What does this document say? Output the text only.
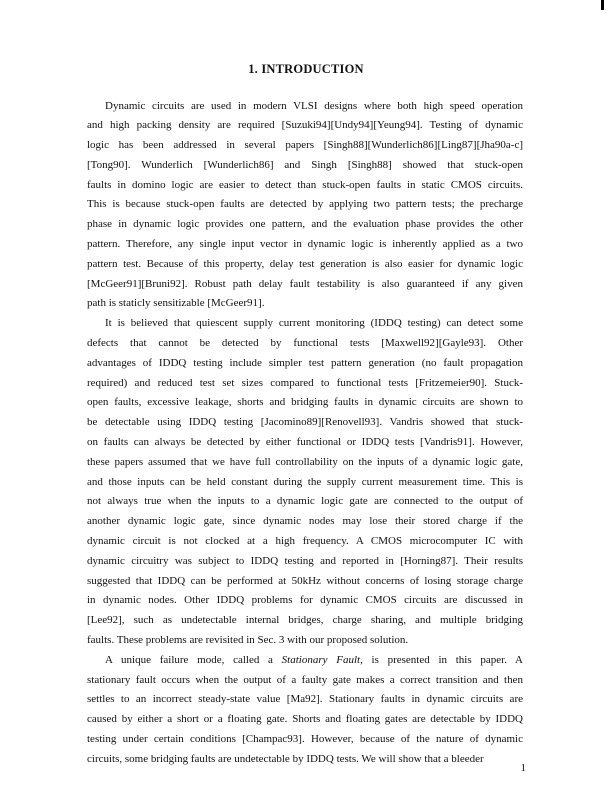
1. INTRODUCTION
Dynamic circuits are used in modern VLSI designs where both high speed operation
and high packing density are required [Suzuki94][Undy94][Yeung94]. Testing of dynamic
logic has been addressed in several papers [Singh88][Wunderlich86][Ling87][Jha90a-c]
[Tong90]. Wunderlich [Wunderlich86] and Singh [Singh88] showed that stuck-open
faults in domino logic are easier to detect than stuck-open faults in static CMOS circuits.
This is because stuck-open faults are detected by applying two pattern tests; the precharge
phase in dynamic logic provides one pattern, and the evaluation phase provides the other
pattern. Therefore, any single input vector in dynamic logic is inherently applied as a two
pattern test. Because of this property, delay test generation is also easier for dynamic logic
[McGeer91][Bruni92]. Robust path delay fault testability is also guaranteed if any given
path is staticly sensitizable [McGeer91].
It is believed that quiescent supply current monitoring (IDDQ testing) can detect some
defects that cannot be detected by functional tests [Maxwell92][Gayle93]. Other
advantages of IDDQ testing include simpler test pattern generation (no fault propagation
required) and reduced test set sizes compared to functional tests [Fritzemeier90]. Stuck-
open faults, excessive leakage, shorts and bridging faults in dynamic circuits are shown to
be detectable using IDDQ testing [Jacomino89][Renovell93]. Vandris showed that stuck-
on faults can always be detected by either functional or IDDQ tests [Vandris91]. However,
these papers assumed that we have full controllability on the inputs of a dynamic logic gate,
and those inputs can be held constant during the supply current measurement time. This is
not always true when the inputs to a dynamic logic gate are connected to the output of
another dynamic logic gate, since dynamic nodes may lose their stored charge if the
dynamic circuit is not clocked at a high frequency. A CMOS microcomputer IC with
dynamic circuitry was subject to IDDQ testing and reported in [Horning87]. Their results
suggested that IDDQ can be performed at 50kHz without concerns of losing storage charge
in dynamic nodes. Other IDDQ problems for dynamic CMOS circuits are discussed in
[Lee92], such as undetectable internal bridges, charge sharing, and multiple bridging
faults. These problems are revisited in Sec. 3 with our proposed solution.
A unique failure mode, called a Stationary Fault, is presented in this paper. A
stationary fault occurs when the output of a faulty gate makes a correct transition and then
settles to an incorrect steady-state value [Ma92]. Stationary faults in dynamic circuits are
caused by either a short or a floating gate. Shorts and floating gates are detectable by IDDQ
testing under certain conditions [Champac93]. However, because of the nature of dynamic
circuits, some bridging faults are undetectable by IDDQ tests. We will show that a bleeder
1
